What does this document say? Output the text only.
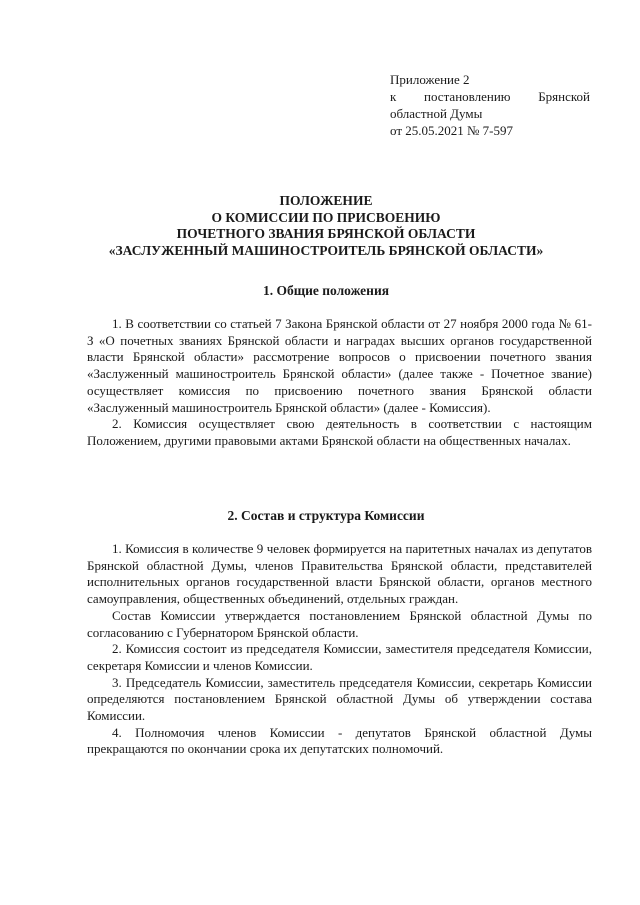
Приложение 2
к постановлению Брянской
областной Думы
от 25.05.2021 № 7-597
ПОЛОЖЕНИЕ
О КОМИССИИ ПО ПРИСВОЕНИЮ
ПОЧЕТНОГО ЗВАНИЯ БРЯНСКОЙ ОБЛАСТИ
«ЗАСЛУЖЕННЫЙ МАШИНОСТРОИТЕЛЬ БРЯНСКОЙ ОБЛАСТИ»
1. Общие положения

1. В соответствии со статьей 7 Закона Брянской области от 27 ноября 2000 года № 61-З «О почетных званиях Брянской области и наградах высших органов государственной власти Брянской области» рассмотрение вопросов о присвоении почетного звания «Заслуженный машиностроитель Брянской области» (далее также - Почетное звание) осуществляет комиссия по присвоению почетного звания Брянской области «Заслуженный машиностроитель Брянской области» (далее - Комиссия).

2. Комиссия осуществляет свою деятельность в соответствии с настоящим Положением, другими правовыми актами Брянской области на общественных началах.

2. Состав и структура Комиссии

1. Комиссия в количестве 9 человек формируется на паритетных началах из депутатов Брянской областной Думы, членов Правительства Брянской области, представителей исполнительных органов государственной власти Брянской области, органов местного самоуправления, общественных объединений, отдельных граждан.

Состав Комиссии утверждается постановлением Брянской областной Думы по согласованию с Губернатором Брянской области.

2. Комиссия состоит из председателя Комиссии, заместителя председателя Комиссии, секретаря Комиссии и членов Комиссии.

3. Председатель Комиссии, заместитель председателя Комиссии, секретарь Комиссии определяются постановлением Брянской областной Думы об утверждении состава Комиссии.

4. Полномочия членов Комиссии - депутатов Брянской областной Думы прекращаются по окончании срока их депутатских полномочий.
